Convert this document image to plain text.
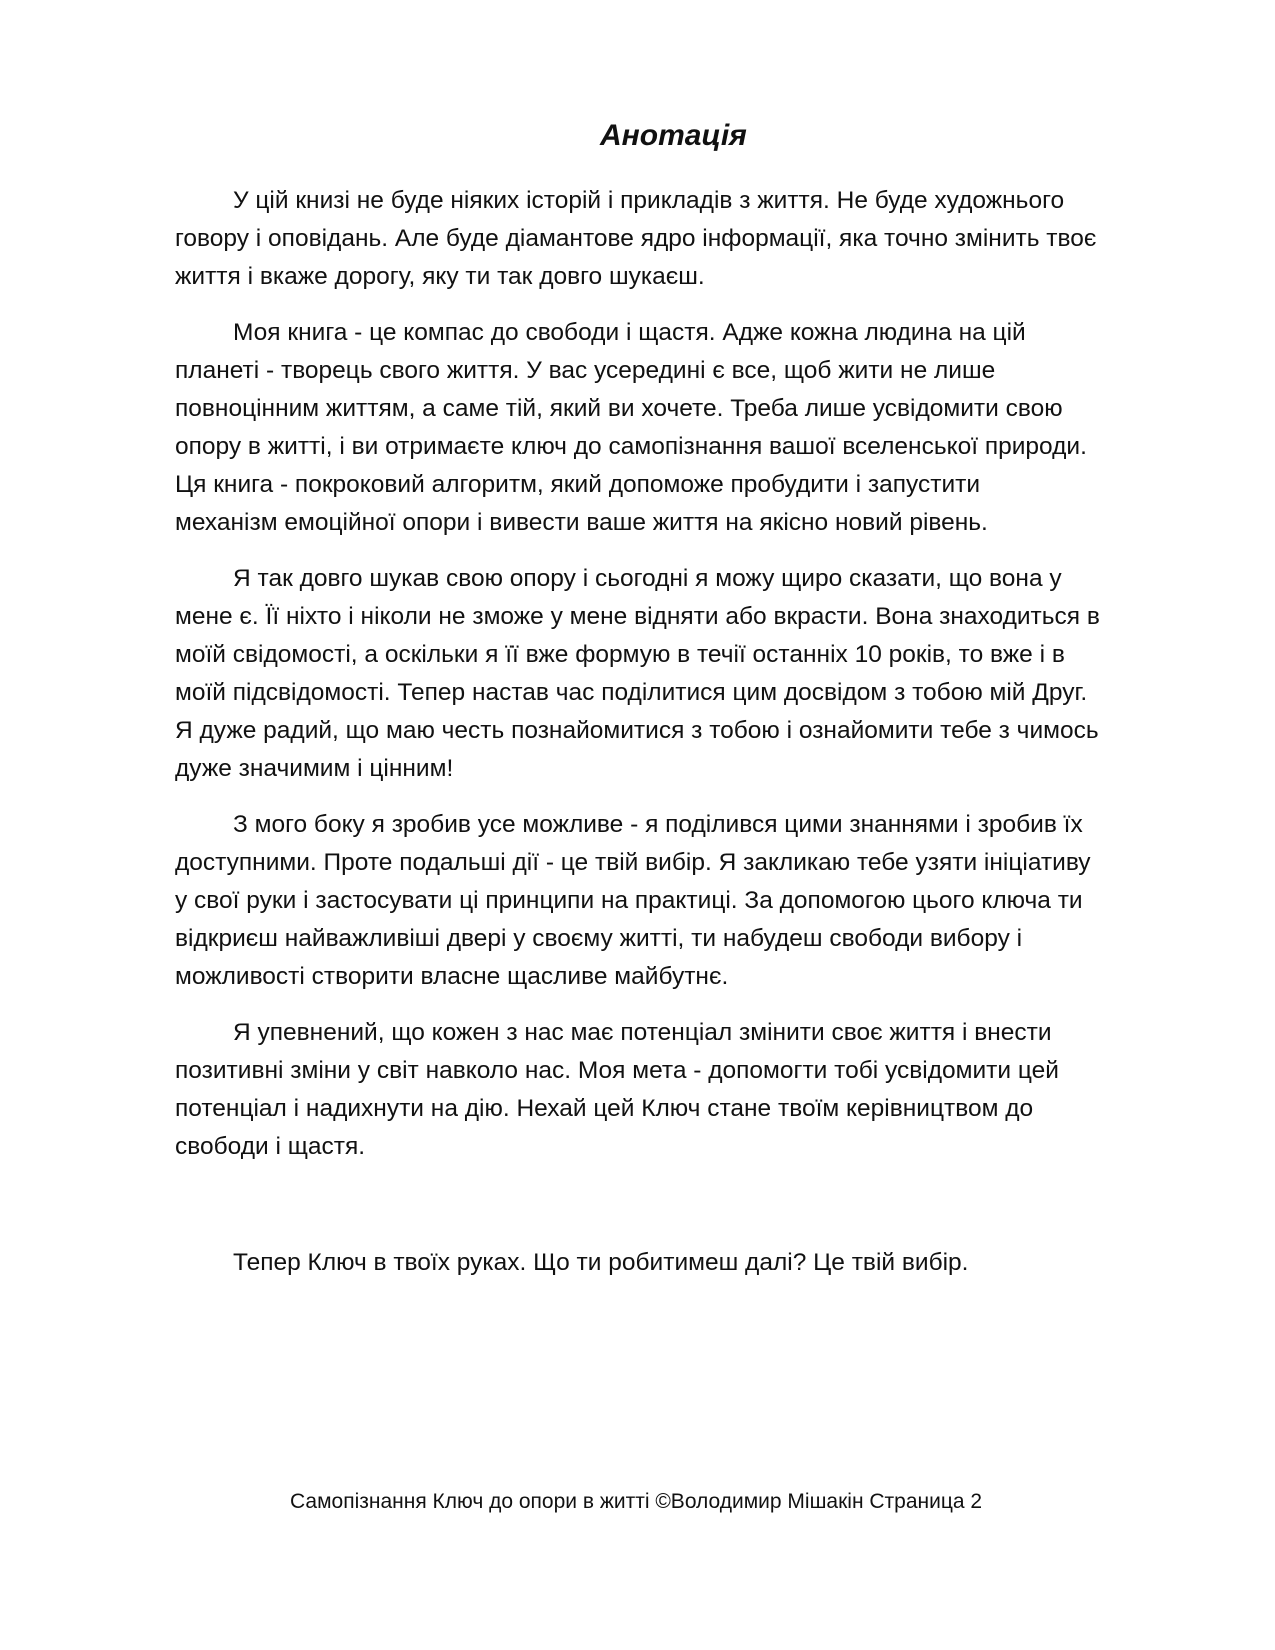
Анотація
У цій книзі не буде ніяких історій і прикладів з життя. Не буде художнього
говору і оповідань. Але буде діамантове ядро інформації, яка точно змінить твоє
життя і вкаже дорогу, яку ти так довго шукаєш.
Моя книга - це компас до свободи і щастя. Адже кожна людина на цій
планеті - творець свого життя. У вас усередині є все, щоб жити не лише
повноцінним життям, а саме тій, який ви хочете. Треба лише усвідомити свою
опору в житті, і ви отримаєте ключ до самопізнання вашої вселенської природи.
Ця книга - покроковий алгоритм, який допоможе пробудити і запустити
механізм емоційної опори і вивести ваше життя на якісно новий рівень.
Я так довго шукав свою опору і сьогодні я можу щиро сказати, що вона у
мене є. Її ніхто і ніколи не зможе у мене відняти або вкрасти. Вона знаходиться в
моїй свідомості, а оскільки я її вже формую в течії останніх 10 років, то вже і в
моїй підсвідомості. Тепер настав час поділитися цим досвідом з тобою мій Друг.
Я дуже радий, що маю честь познайомитися з тобою і ознайомити тебе з чимось
дуже значимим і цінним!
З мого боку я зробив усе можливе - я поділився цими знаннями і зробив їх
доступними. Проте подальші дії - це твій вибір. Я закликаю тебе узяти ініціативу
у свої руки і застосувати ці принципи на практиці. За допомогою цього ключа ти
відкриєш найважливіші двері у своєму житті, ти набудеш свободи вибору і
можливості створити власне щасливе майбутнє.
Я упевнений, що кожен з нас має потенціал змінити своє життя і внести
позитивні зміни у світ навколо нас. Моя мета - допомогти тобі усвідомити цей
потенціал і надихнути на дію. Нехай цей Ключ стане твоїм керівництвом до
свободи і щастя.
Тепер Ключ в твоїх руках. Що ти робитимеш далі? Це твій вибір.
Самопізнання Ключ до опори в житті ©Володимир Мішакін Страница 2
